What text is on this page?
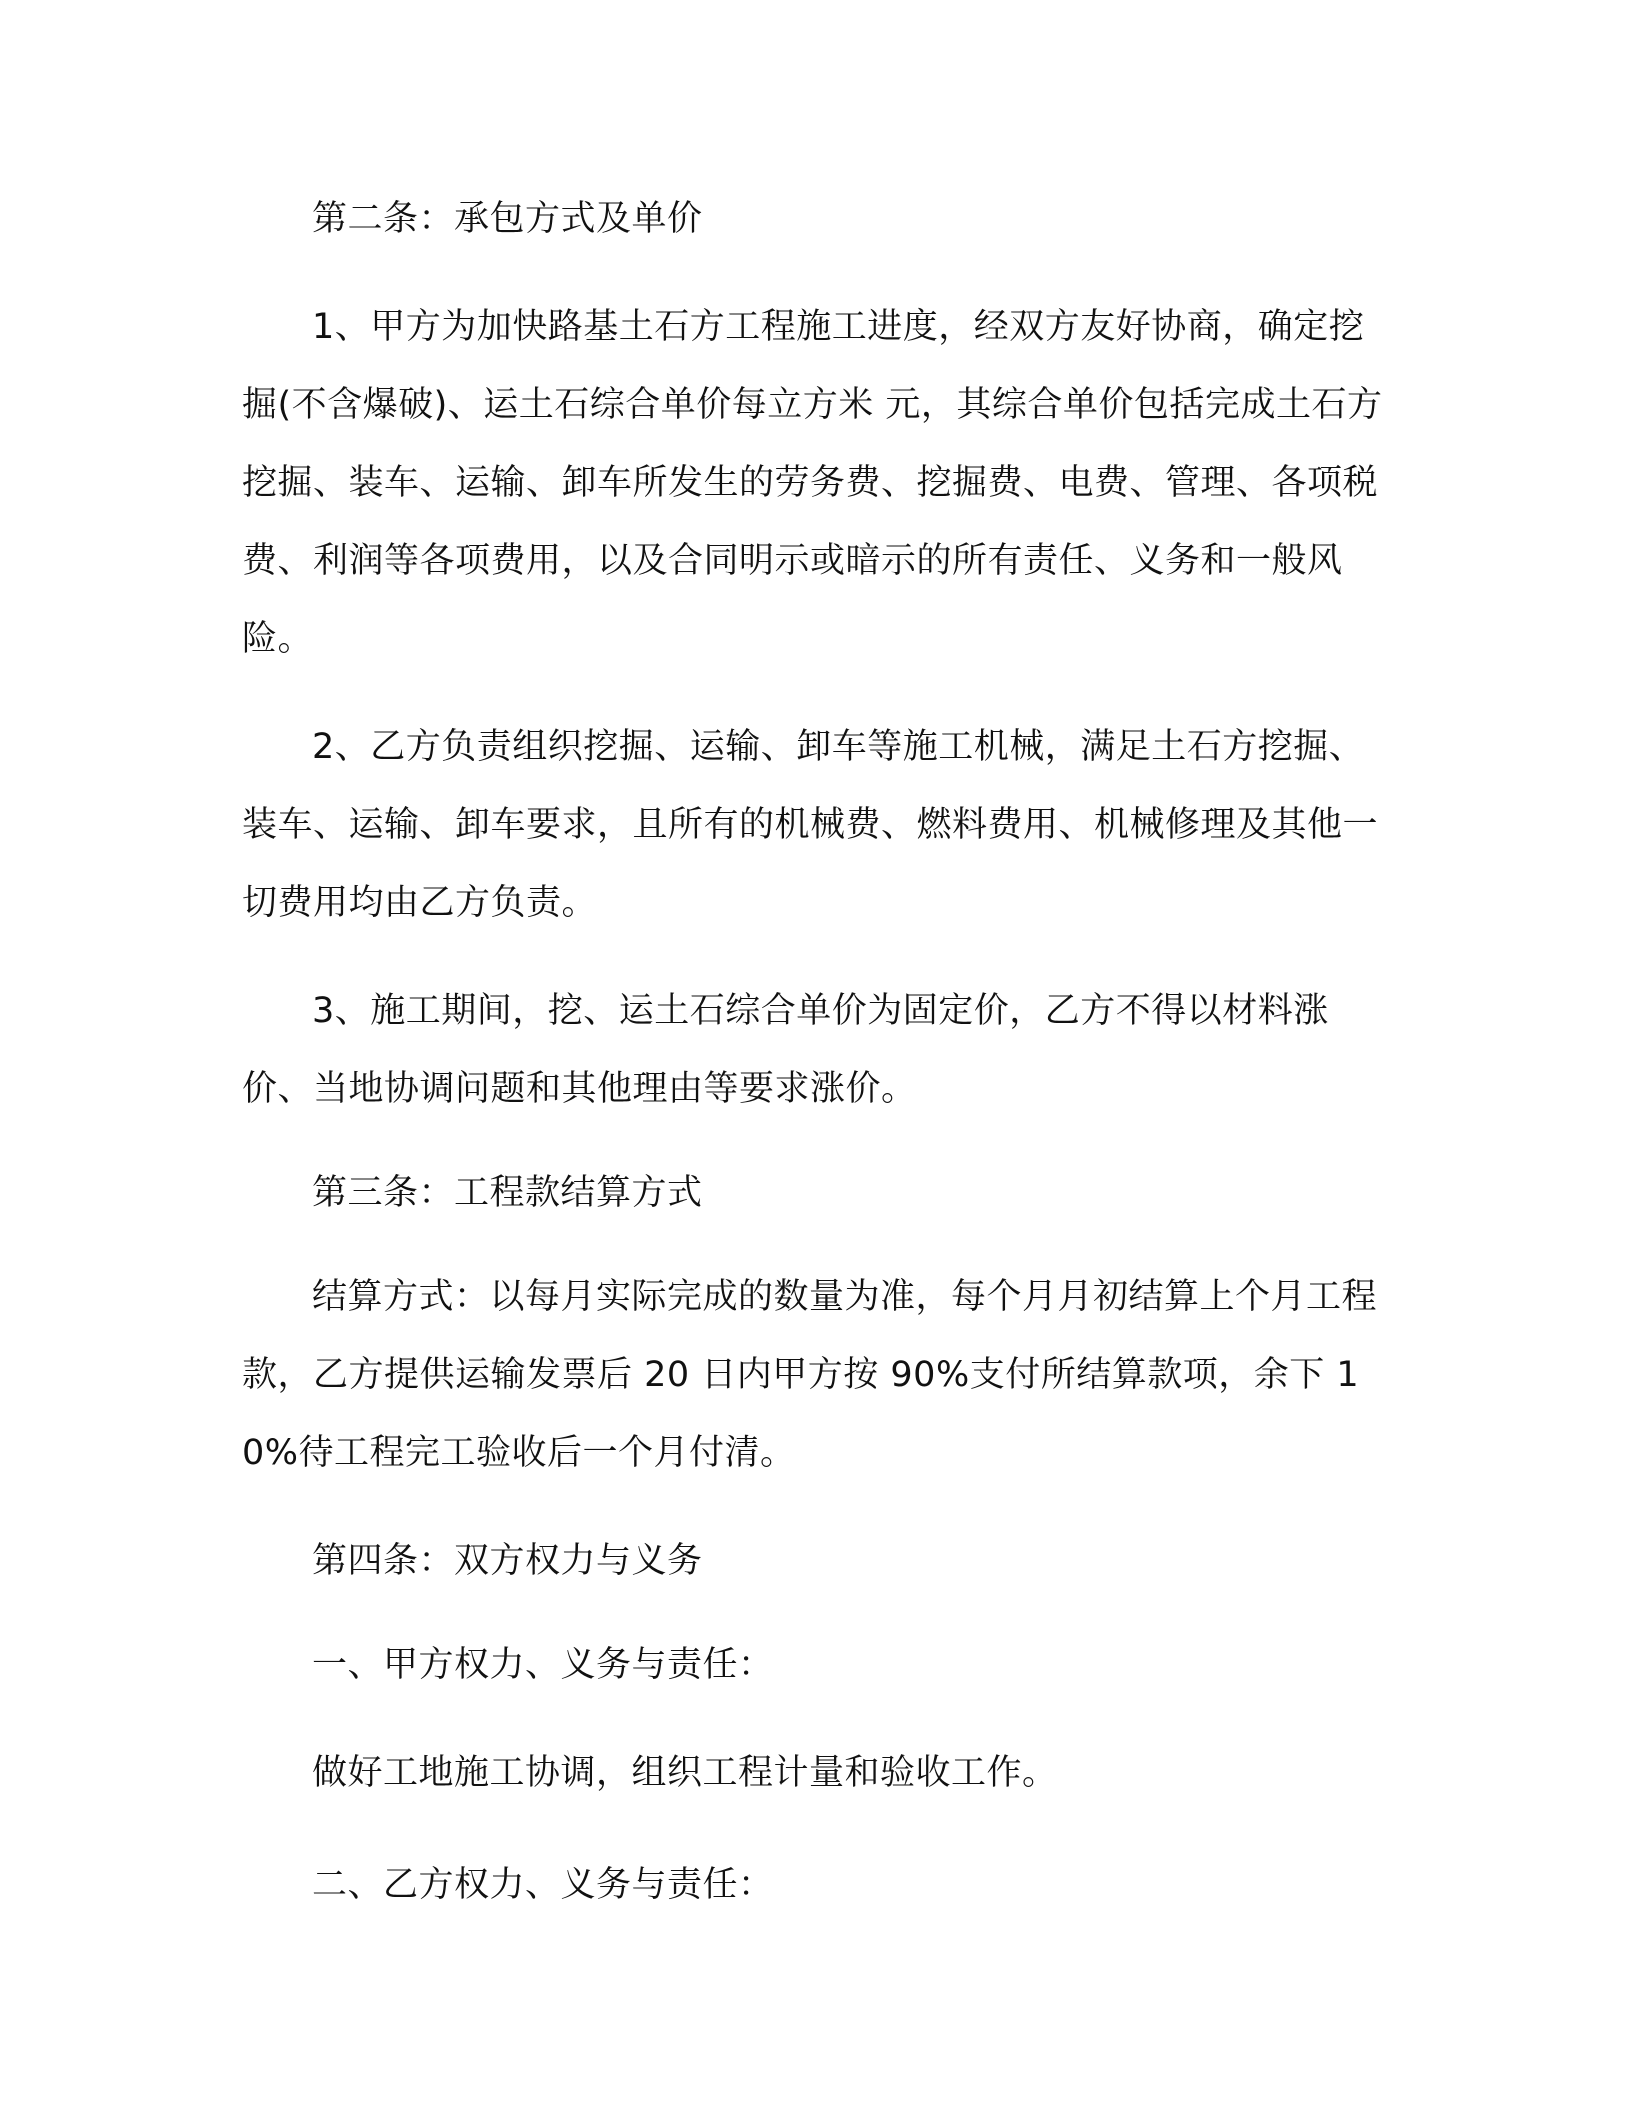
第二条：承包方式及单价

1、甲方为加快路基土石方工程施工进度，经双方友好协商，确定挖掘(不含爆破)、运土石综合单价每立方米 元，其综合单价包括完成土石方挖掘、装车、运输、卸车所发生的劳务费、挖掘费、电费、管理、各项税费、利润等各项费用，以及合同明示或暗示的所有责任、义务和一般风险。

2、乙方负责组织挖掘、运输、卸车等施工机械，满足土石方挖掘、装车、运输、卸车要求，且所有的机械费、燃料费用、机械修理及其他一切费用均由乙方负责。

3、施工期间，挖、运土石综合单价为固定价，乙方不得以材料涨价、当地协调问题和其他理由等要求涨价。

第三条：工程款结算方式

结算方式：以每月实际完成的数量为准，每个月月初结算上个月工程款，乙方提供运输发票后 20 日内甲方按 90%支付所结算款项，余下 10%待工程完工验收后一个月付清。

第四条：双方权力与义务

一、甲方权力、义务与责任：

做好工地施工协调，组织工程计量和验收工作。

二、乙方权力、义务与责任：
